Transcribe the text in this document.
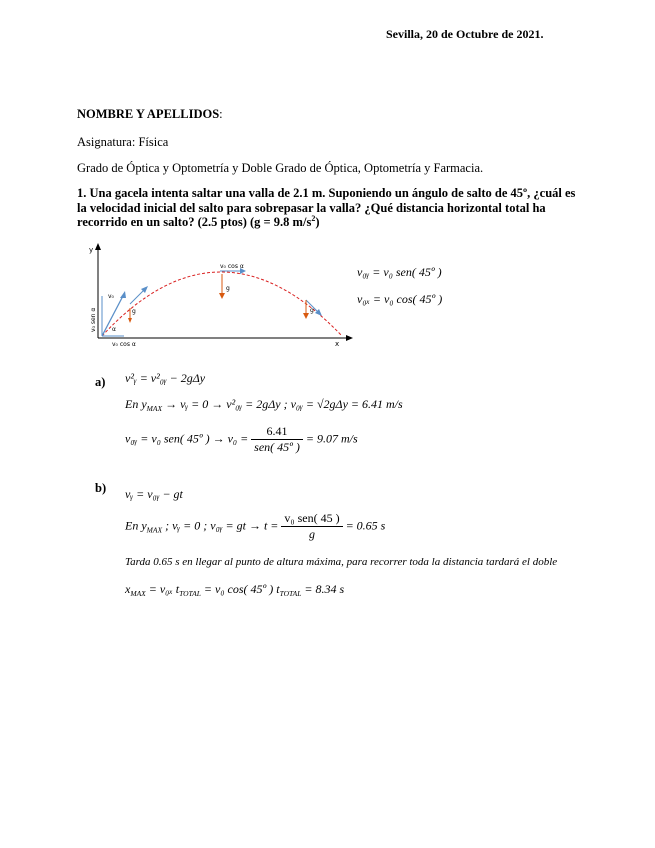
Sevilla, 20 de Octubre de 2021.
NOMBRE Y APELLIDOS:
Asignatura: Física
Grado de Óptica y Optometría y Doble Grado de Óptica, Optometría y Farmacia.
1. Una gacela intenta saltar una valla de 2.1 m. Suponiendo un ángulo de salto de 45º, ¿cuál es la velocidad inicial del salto para sobrepasar la valla? ¿Qué distancia horizontal total ha recorrido en un salto? (2.5 ptos) (g = 9.8 $m/s^2$)
y
x
v₀
α
v₀ sen α
v₀ cos α
g
v₀ cos α
g
g
v₀ᵧ = v₀ sen( 45º )
v₀ₓ = v₀ cos( 45º )
a) v²ᵧ = v²₀ᵧ − 2gΔy
En $y_{MAX}$ → vᵧ = 0 → v²₀ᵧ = 2gΔy ; v₀ᵧ = √2gΔy = 6.41 m/s
v₀ᵧ = v₀ sen( 45º ) → $v_0 = \frac{6.41}{\text{sen( 45º )}} = 9.07$ m/s
b) vᵧ = v₀ᵧ − gt
En $y_{MAX}$ ; vᵧ = 0 ; v₀ᵧ = gt → $t = \frac{\text{v₀ sen( 45 )}}{g} = 0.65$ s
Tarda 0.65 s en llegar al punto de altura máxima, para recorrer toda la distancia tardará el doble
$x_{MAX} = v_{0x}$ $t_{TOTAL} = v_0$ cos( 45º ) $t_{TOTAL} = 8.34$ s
